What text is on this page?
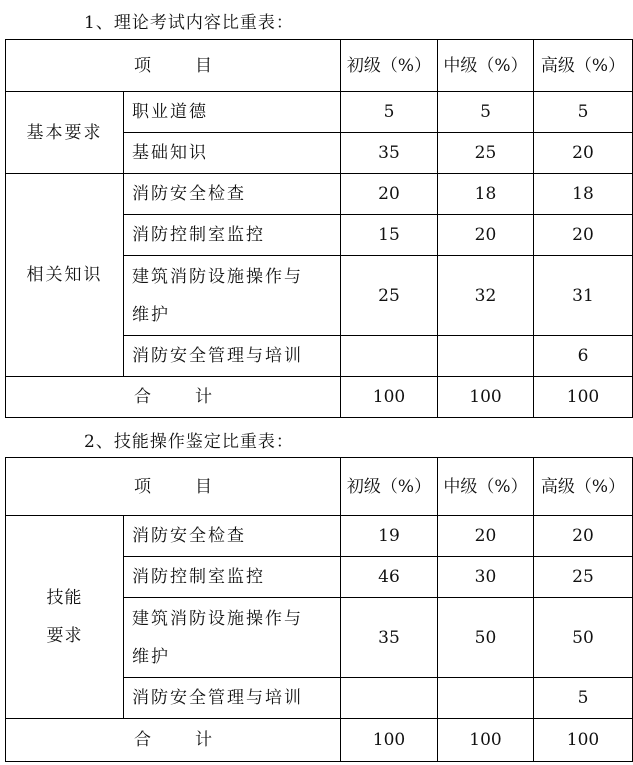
1、理论考试内容比重表：
项 目		初级（%）	中级（%）	高级（%）
基本要求	职业道德	5	5	5
	基础知识	35	25	20
相关知识	消防安全检查	20	18	18
	消防控制室监控	15	20	20

	建筑消防设施操作与
维护	25	32	31
	消防安全管理与培训			6
合 计		100	100	100
2、技能操作鉴定比重表：
项 目		初级（%）	中级（%）	高级（%）

技能
要求	消防安全检查	19	20	20
	消防控制室监控	46	30	25

	建筑消防设施操作与
维护	35	50	50
	消防安全管理与培训			5
合 计		100	100	100
